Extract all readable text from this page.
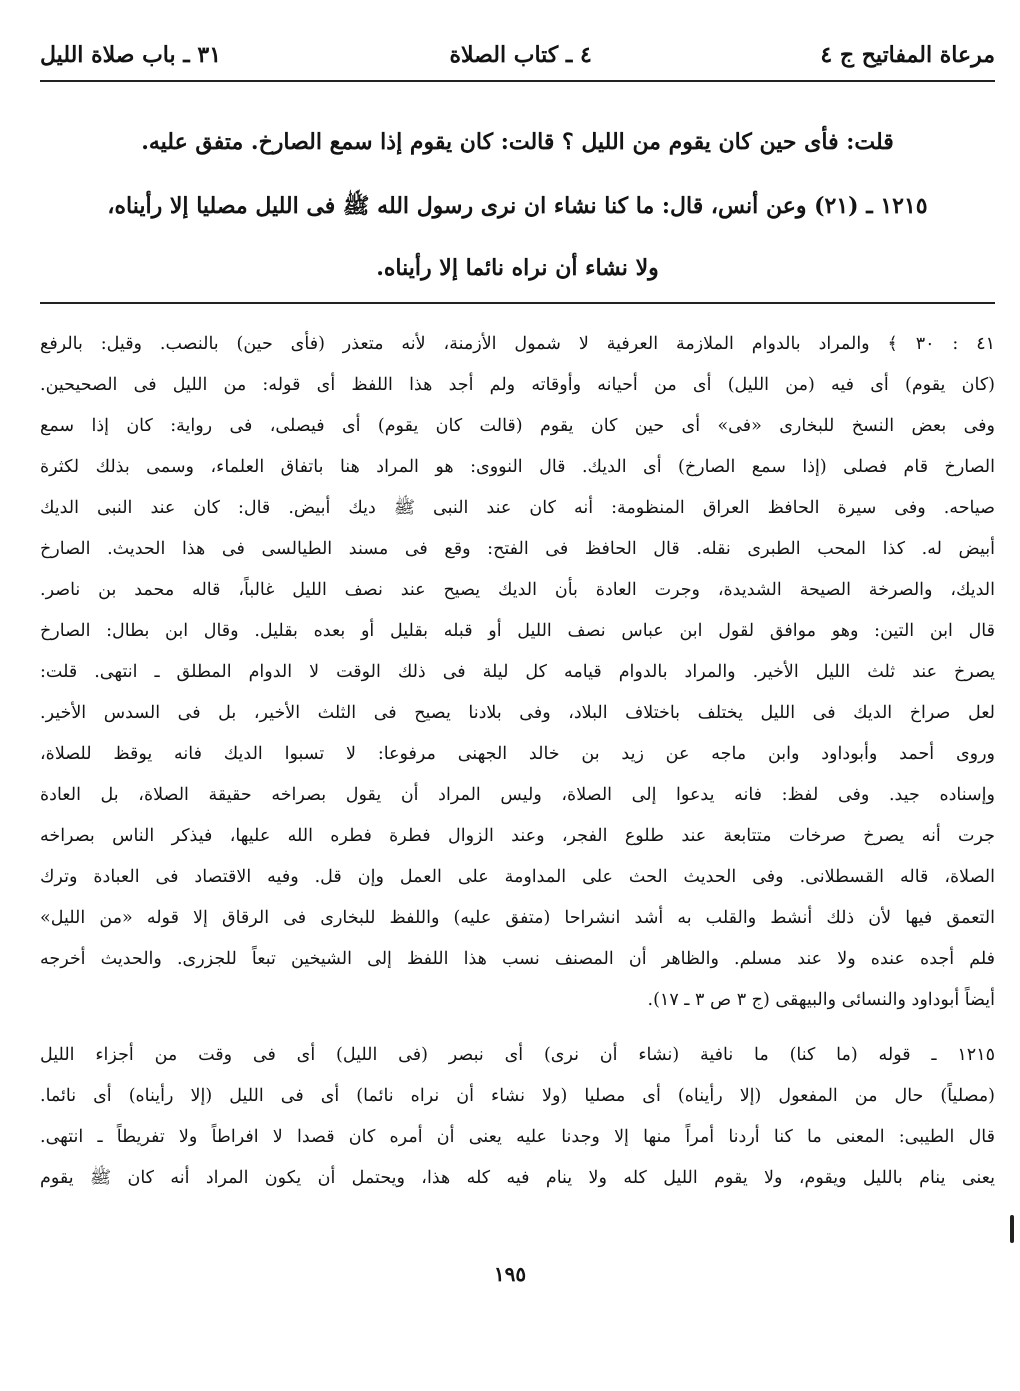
مرعاة المفاتيح ج ٤
٤ ـ كتاب الصلاة
٣١ ـ باب صلاة الليل
قلت: فأى حين كان يقوم من الليل ؟ قالت: كان يقوم إذا سمع الصارخ. متفق عليه.
١٢١٥ ـ (٢١) وعن أنس، قال: ما كنا نشاء ان نرى رسول الله ﷺ فى الليل مصليا إلا رأيناه،
ولا نشاء أن نراه نائما إلا رأيناه.
٤١ : ٣٠ ﴾ والمراد بالدوام الملازمة العرفية لا شمول الأزمنة، لأنه متعذر (فأى حين) بالنصب. وقيل: بالرفع
(كان يقوم) أى فيه (من الليل) أى من أحيانه وأوقاته ولم أجد هذا اللفظ أى قوله: من الليل فى الصحيحين.
وفى بعض النسخ للبخارى «فى» أى حين كان يقوم (قالت كان يقوم) أى فيصلى، فى رواية: كان إذا سمع
الصارخ قام فصلى (إذا سمع الصارخ) أى الديك. قال النووى: هو المراد هنا باتفاق العلماء، وسمى بذلك لكثرة
صياحه. وفى سيرة الحافظ العراق المنظومة: أنه كان عند النبى ﷺ ديك أبيض. قال: كان عند النبى الديك
أبيض له. كذا المحب الطبرى نقله. قال الحافظ فى الفتح: وقع فى مسند الطيالسى فى هذا الحديث. الصارخ
الديك، والصرخة الصيحة الشديدة، وجرت العادة بأن الديك يصيح عند نصف الليل غالباً، قاله محمد بن ناصر.
قال ابن التين: وهو موافق لقول ابن عباس نصف الليل أو قبله بقليل أو بعده بقليل. وقال ابن بطال: الصارخ
يصرخ عند ثلث الليل الأخير. والمراد بالدوام قيامه كل ليلة فى ذلك الوقت لا الدوام المطلق ـ انتهى. قلت:
لعل صراخ الديك فى الليل يختلف باختلاف البلاد، وفى بلادنا يصيح فى الثلث الأخير، بل فى السدس الأخير.
وروى أحمد وأبوداود وابن ماجه عن زيد بن خالد الجهنى مرفوعا: لا تسبوا الديك فانه يوقظ للصلاة،
وإسناده جيد. وفى لفظ: فانه يدعوا إلى الصلاة، وليس المراد أن يقول بصراخه حقيقة الصلاة، بل العادة
جرت أنه يصرخ صرخات متتابعة عند طلوع الفجر، وعند الزوال فطرة فطره الله عليها، فيذكر الناس بصراخه
الصلاة، قاله القسطلانى. وفى الحديث الحث على المداومة على العمل وإن قل. وفيه الاقتصاد فى العبادة وترك
التعمق فيها لأن ذلك أنشط والقلب به أشد انشراحا (متفق عليه) واللفظ للبخارى فى الرقاق إلا قوله «من الليل»
فلم أجده عنده ولا عند مسلم. والظاهر أن المصنف نسب هذا اللفظ إلى الشيخين تبعاً للجزرى. والحديث أخرجه
أيضاً أبوداود والنسائى والبيهقى (ج ٣ ص ٣ ـ ١٧).
١٢١٥ ـ قوله (ما كنا) ما نافية (نشاء أن نرى) أى نبصر (فى الليل) أى فى وقت من أجزاء الليل
(مصلياً) حال من المفعول (إلا رأيناه) أى مصليا (ولا نشاء أن نراه نائما) أى فى الليل (إلا رأيناه) أى نائما.
قال الطيبى: المعنى ما كنا أردنا أمراً منها إلا وجدنا عليه يعنى أن أمره كان قصدا لا افراطاً ولا تفريطاً ـ انتهى.
يعنى ينام بالليل ويقوم، ولا يقوم الليل كله ولا ينام فيه كله هذا، ويحتمل أن يكون المراد أنه كان ﷺ يقوم
١٩٥
